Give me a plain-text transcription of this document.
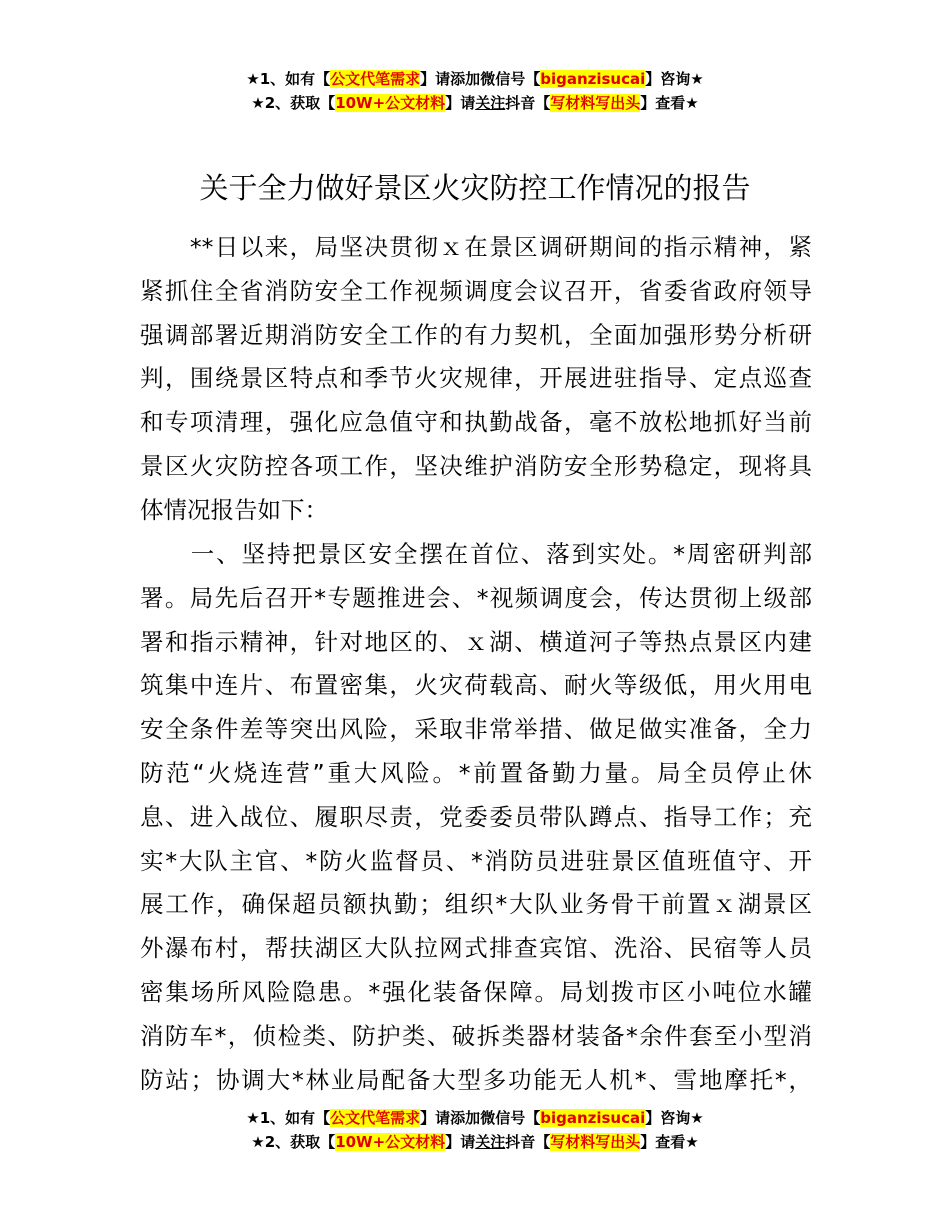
★1、如有【公文代笔需求】请添加微信号【biganzisucai】咨询★
★2、获取【10W+公文材料】请关注抖音【写材料写出头】查看★
关于全力做好景区火灾防控工作情况的报告
　　**日以来，局坚决贯彻ｘ在景区调研期间的指示精神，紧
紧抓住全省消防安全工作视频调度会议召开，省委省政府领导
强调部署近期消防安全工作的有力契机，全面加强形势分析研
判，围绕景区特点和季节火灾规律，开展进驻指导、定点巡查
和专项清理，强化应急值守和执勤战备，毫不放松地抓好当前
景区火灾防控各项工作，坚决维护消防安全形势稳定，现将具
体情况报告如下：
　　一、坚持把景区安全摆在首位、落到实处。*周密研判部
署。局先后召开*专题推进会、*视频调度会，传达贯彻上级部
署和指示精神，针对地区的、ｘ湖、横道河子等热点景区内建
筑集中连片、布置密集，火灾荷载高、耐火等级低，用火用电
安全条件差等突出风险，采取非常举措、做足做实准备，全力
防范“火烧连营”重大风险。*前置备勤力量。局全员停止休
息、进入战位、履职尽责，党委委员带队蹲点、指导工作；充
实*大队主官、*防火监督员、*消防员进驻景区值班值守、开
展工作，确保超员额执勤；组织*大队业务骨干前置ｘ湖景区
外瀑布村，帮扶湖区大队拉网式排查宾馆、洗浴、民宿等人员
密集场所风险隐患。*强化装备保障。局划拨市区小吨位水罐
消防车*，侦检类、防护类、破拆类器材装备*余件套至小型消
防站；协调大*林业局配备大型多功能无人机*、雪地摩托*，
★1、如有【公文代笔需求】请添加微信号【biganzisucai】咨询★
★2、获取【10W+公文材料】请关注抖音【写材料写出头】查看★
